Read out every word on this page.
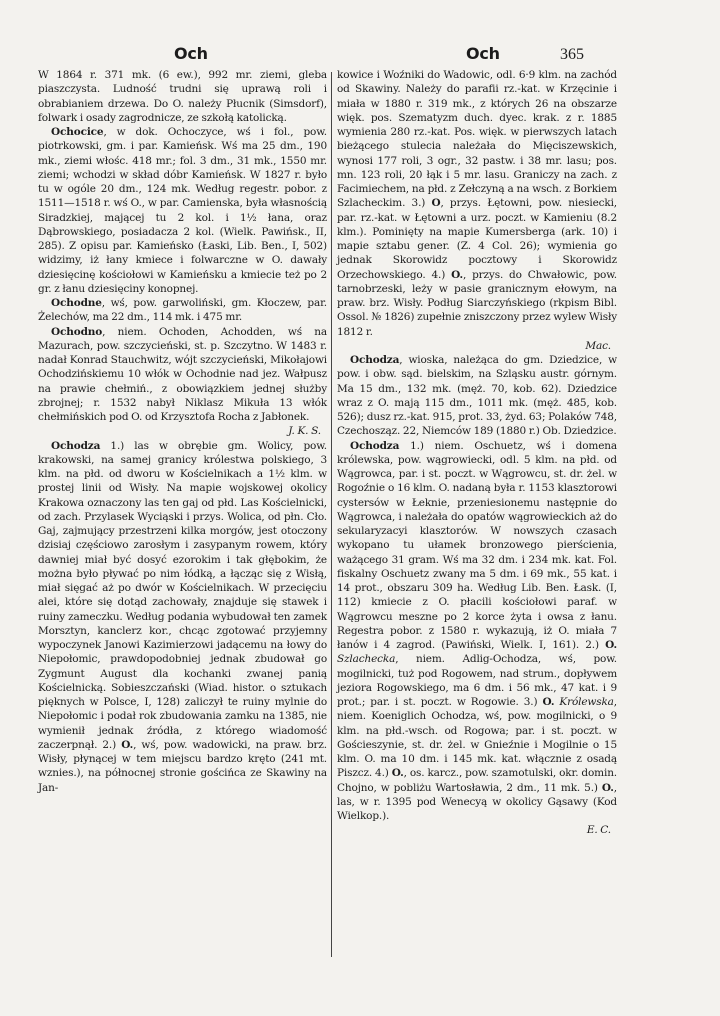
Och	Och	365

W 1864 r. 371 mk. (6 ew.), 992 mr. ziemi, gleba piaszczysta. Ludność trudni się uprawą roli i obrabianiem drzewa. Do O. należy Płucnik (Simsdorf), folwark i osady zagrodnicze, ze szkołą katolicką.

Ochocice, w dok. Ochoczyce, wś i fol., pow. piotrkowski, gm. i par. Kamieńsk. Wś ma 25 dm., 190 mk., ziemi włośc. 418 mr.; fol. 3 dm., 31 mk., 1550 mr. ziemi; wchodzi w skład dóbr Kamieńsk. W 1827 r. było tu w ogóle 20 dm., 124 mk. Według regestr. pobor. z 1511—1518 r. wś O., w par. Camienska, była własnością Siradzkiej, mającej tu 2 kol. i 1½ łana, oraz Dąbrowskiego, posiadacza 2 kol. (Wielk. Pawińsk., II, 285). Z opisu par. Kamieńsko (Łaski, Lib. Ben., I, 502) widzimy, iż łany kmiece i folwarczne w O. dawały dziesięcinę kościołowi w Kamieńsku a kmiecie też po 2 gr. z łanu dziesięciny konopnej.

Ochodne, wś, pow. garwoliński, gm. Kłoczew, par. Żelechów, ma 22 dm., 114 mk. i 475 mr.

Ochodno, niem. Ochoden, Achodden, wś na Mazurach, pow. szczycieński, st. p. Szczytno. W 1483 r. nadał Konrad Stauchwitz, wójt szczycieński, Mikołajowi Ochodzińskiemu 10 włók w Ochodnie nad jez. Wałpusz na prawie chełmiń., z obowiązkiem jednej służby zbrojnej; r. 1532 nabył Niklasz Mikuła 13 włók chełmińskich pod O. od Krzysztofa Rocha z Jabłonek.
J. K. S.

Ochodza 1.) las w obrębie gm. Wolicy, pow. krakowski, na samej granicy królestwa polskiego, 3 klm. na płd. od dworu w Kościelnikach a 1½ klm. w prostej linii od Wisły. Na mapie wojskowej okolicy Krakowa oznaczony las ten gaj od płd. Las Kościelnicki, od zach. Przylasek Wyciąski i przys. Wolica, od płn. Cło. Gaj, zajmujący przestrzeni kilka morgów, jest otoczony dzisiaj częściowo zarosłym i zasypanym rowem, który dawniej miał być dosyć ezorokim i tak głębokim, że można było pływać po nim łódką, a łącząc się z Wisłą, miał sięgać aż po dwór w Kościelnikach. W przecięciu alei, które się dotąd zachowały, znajduje się stawek i ruiny zameczku. Według podania wybudował ten zamek Morsztyn, kanclerz kor., chcąc zgotować przyjemny wypoczynek Janowi Kazimierzowi jadącemu na łowy do Niepołomic, prawdopodobniej jednak zbudował go Zygmunt August dla kochanki zwanej panią Kościelnicką. Sobieszczański (Wiad. histor. o sztukach pięknych w Polsce, I, 128) zaliczył te ruiny mylnie do Niepołomic i podał rok zbudowania zamku na 1385, nie wymienił jednak źródła, z którego wiadomość zaczerpnął. 2.) O., wś, pow. wadowicki, na praw. brz. Wisły, płynącej w tem miejscu bardzo kręto (241 mt. wznies.), na północnej stronie gościńca ze Skawiny na Jan-

kowice i Woźniki do Wadowic, odl. 6·9 klm. na zachód od Skawiny. Należy do parafii rz.-kat. w Krzęcinie i miała w 1880 r. 319 mk., z których 26 na obszarze więk. pos. Szematyzm duch. dyec. krak. z r. 1885 wymienia 280 rz.-kat. Pos. więk. w pierwszych latach bieżącego stulecia należała do Mięciszewskich, wynosi 177 roli, 3 ogr., 32 pastw. i 38 mr. lasu; pos. mn. 123 roli, 20 łąk i 5 mr. lasu. Graniczy na zach. z Facimiechem, na płd. z Zełczyną a na wsch. z Borkiem Szlacheckim. 3.) O, przys. Łętowni, pow. niesiecki, par. rz.-kat. w Łętowni a urz. poczt. w Kamieniu (8.2 klm.). Pominięty na mapie Kumersberga (ark. 10) i mapie sztabu gener. (Z. 4 Col. 26); wymienia go jednak Skorowidz pocztowy i Skorowidz Orzechowskiego. 4.) O., przys. do Chwałowic, pow. tarnobrzeski, leży w pasie granicznym ełowym, na praw. brz. Wisły. Podług Siarczyńskiego (rkpism Bibl. Ossol. № 1826) zupełnie zniszczony przez wylew Wisły 1812 r.
Mac.

Ochodza, wioska, należąca do gm. Dziedzice, w pow. i obw. sąd. bielskim, na Szląsku austr. górnym. Ma 15 dm., 132 mk. (męż. 70, kob. 62). Dziedzice wraz z O. mają 115 dm., 1011 mk. (męż. 485, kob. 526); dusz rz.-kat. 915, prot. 33, żyd. 63; Polaków 748, Czechosząz. 22, Niemców 189 (1880 r.) Ob. Dziedzice.

Ochodza 1.) niem. Oschuetz, wś i domena królewska, pow. wągrowiecki, odl. 5 klm. na płd. od Wągrowca, par. i st. poczt. w Wągrowcu, st. dr. żel. w Rogoźnie o 16 klm. O. nadaną była r. 1153 klasztorowi cystersów w Łeknie, przeniesionemu następnie do Wągrowca, i należała do opatów wągrowieckich aż do sekularyzacyi klasztorów. W nowszych czasach wykopano tu ułamek bronzowego pierścienia, ważącego 31 gram. Wś ma 32 dm. i 234 mk. kat. Fol. fiskalny Oschuetz zwany ma 5 dm. i 69 mk., 55 kat. i 14 prot., obszaru 309 ha. Według Lib. Ben. Łask. (I, 112) kmiecie z O. płacili kościołowi paraf. w Wągrowcu meszne po 2 korce żyta i owsa z łanu. Regestra pobor. z 1580 r. wykazują, iż O. miała 7 łanów i 4 zagrod. (Pawiński, Wielk. I, 161). 2.) O. Szlachecka, niem. Adlig-Ochodza, wś, pow. mogilnicki, tuż pod Rogowem, nad strum., dopływem jeziora Rogowskiego, ma 6 dm. i 56 mk., 47 kat. i 9 prot.; par. i st. poczt. w Rogowie. 3.) O. Królewska, niem. Koeniglich Ochodza, wś, pow. mogilnicki, o 9 klm. na płd.-wsch. od Rogowa; par. i st. poczt. w Gościeszynie, st. dr. żel. w Gnieźnie i Mogilnie o 15 klm. O. ma 10 dm. i 145 mk. kat. włącznie z osadą Piszcz. 4.) O., os. karcz., pow. szamotulski, okr. domin. Chojno, w pobliżu Wartosławia, 2 dm., 11 mk. 5.) O., las, w r. 1395 pod Wenecyą w okolicy Gąsawy (Kod Wielkop.).
E. C.
